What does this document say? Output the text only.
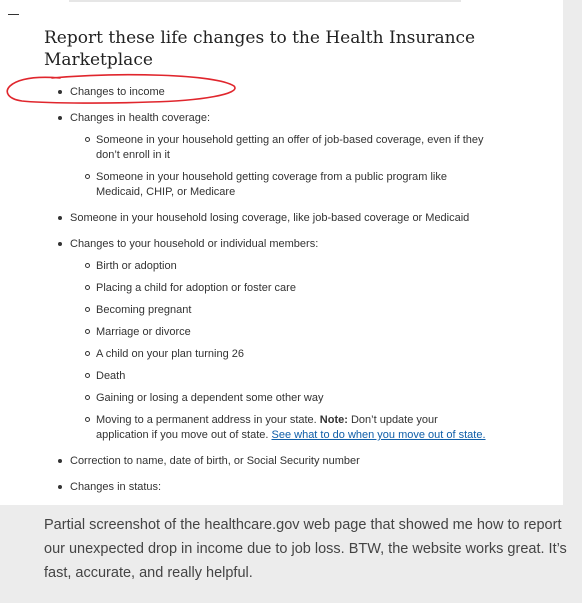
Report these life changes to the Health Insurance Marketplace
Changes to income
Changes in health coverage:
Someone in your household getting an offer of job-based coverage, even if they don’t enroll in it
Someone in your household getting coverage from a public program like Medicaid, CHIP, or Medicare
Someone in your household losing coverage, like job-based coverage or Medicaid
Changes to your household or individual members:
Birth or adoption
Placing a child for adoption or foster care
Becoming pregnant
Marriage or divorce
A child on your plan turning 26
Death
Gaining or losing a dependent some other way
Moving to a permanent address in your state. Note: Don’t update your application if you move out of state. See what to do when you move out of state.
Correction to name, date of birth, or Social Security number
Changes in status:

Partial screenshot of the healthcare.gov web page that showed me how to report our unexpected drop in income due to job loss. BTW, the website works great. It’s fast, accurate, and really helpful.
